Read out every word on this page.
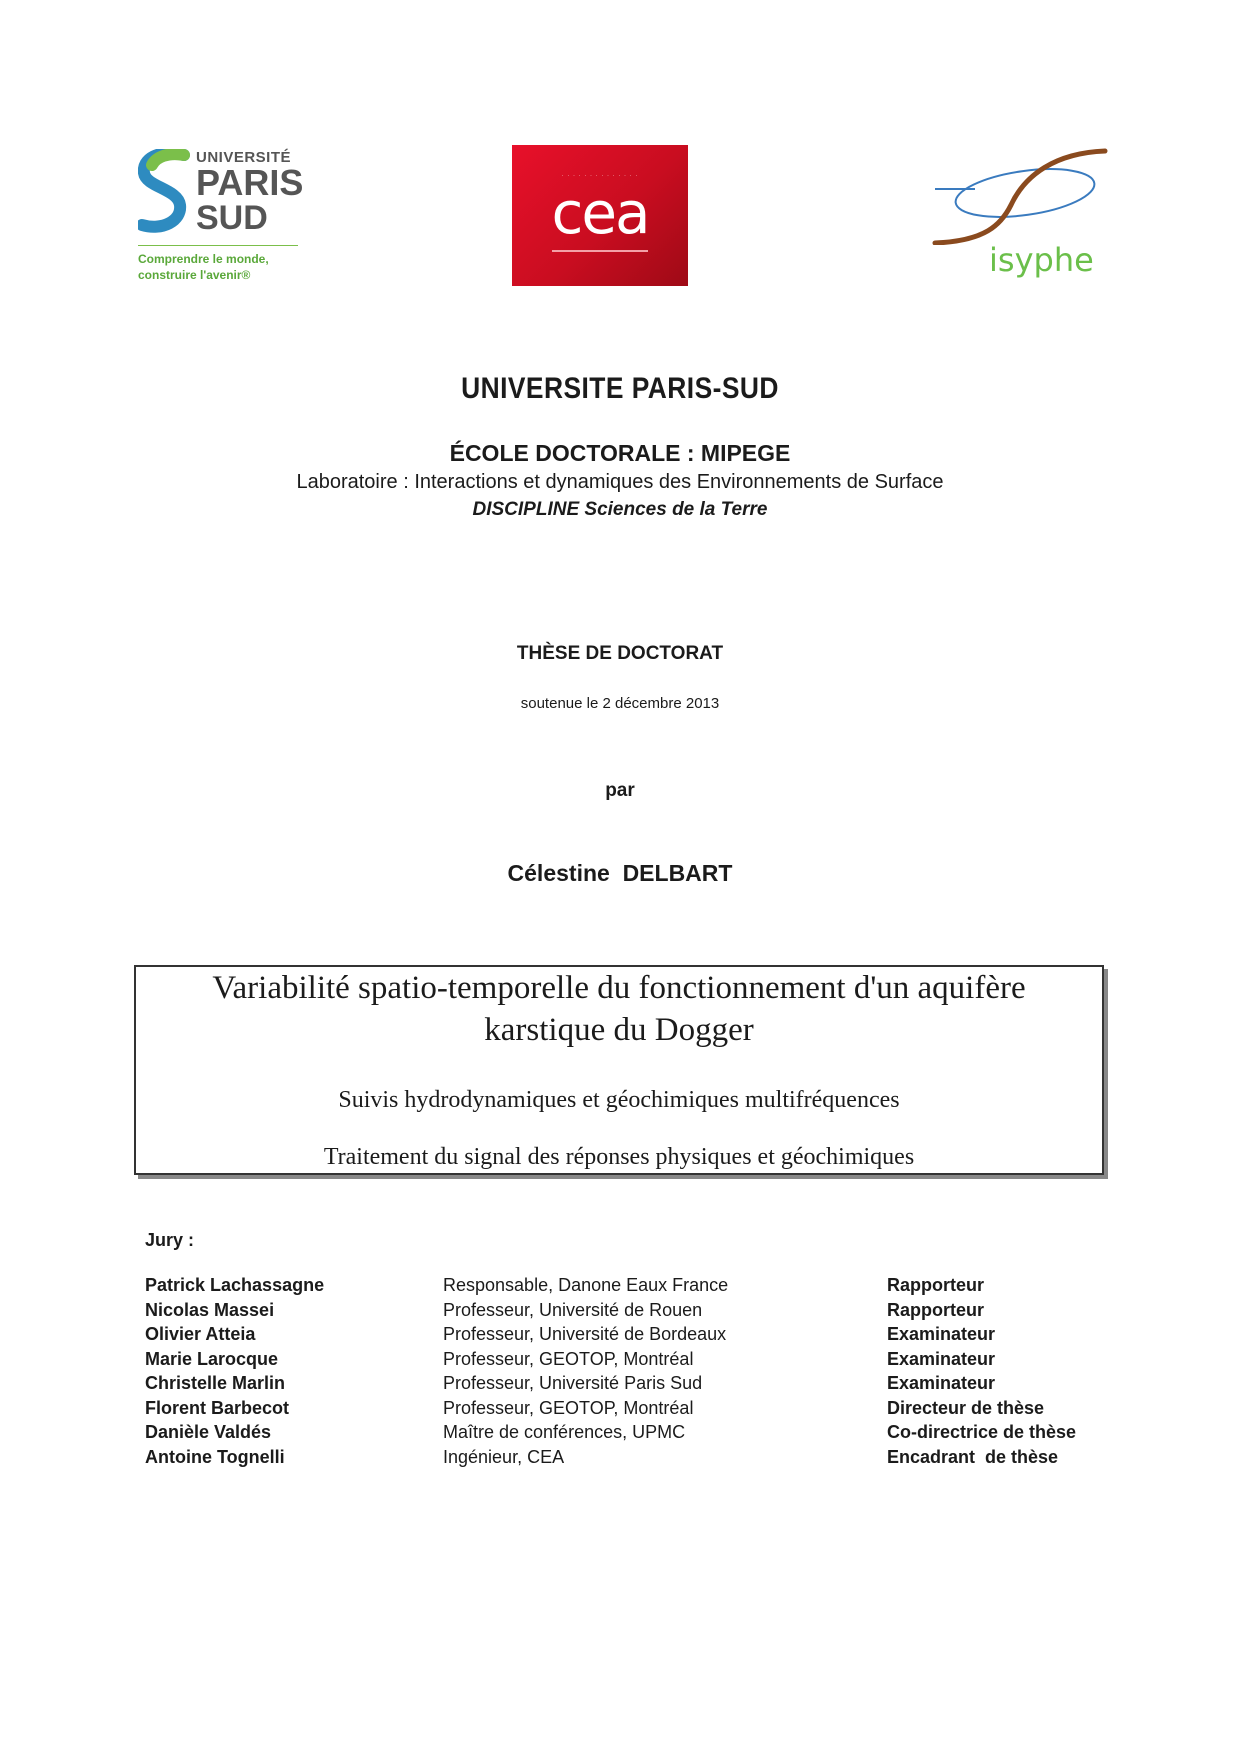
UNIVERSITÉ
PARIS
SUD
Comprendre le monde,
construire l'avenir®
· · · · · · · · · · · · · ·
cea
isyphe
UNIVERSITE PARIS-SUD
ÉCOLE DOCTORALE : MIPEGE
Laboratoire : Interactions et dynamiques des Environnements de Surface
DISCIPLINE Sciences de la Terre
THÈSE DE DOCTORAT
soutenue le 2 décembre 2013
par
Célestine  DELBART
Variabilité spatio-temporelle du fonctionnement d'un aquifère
karstique du Dogger
Suivis hydrodynamiques et géochimiques multifréquences
Traitement du signal des réponses physiques et géochimiques
Jury :
Patrick Lachassagne	Responsable, Danone Eaux France	Rapporteur
Nicolas Massei	Professeur, Université de Rouen	Rapporteur
Olivier Atteia	Professeur, Université de Bordeaux	Examinateur
Marie Larocque	Professeur, GEOTOP, Montréal	Examinateur
Christelle Marlin	Professeur, Université Paris Sud	Examinateur
Florent Barbecot	Professeur, GEOTOP, Montréal	Directeur de thèse
Danièle Valdés	Maître de conférences, UPMC	Co-directrice de thèse
Antoine Tognelli	Ingénieur, CEA	Encadrant  de thèse
